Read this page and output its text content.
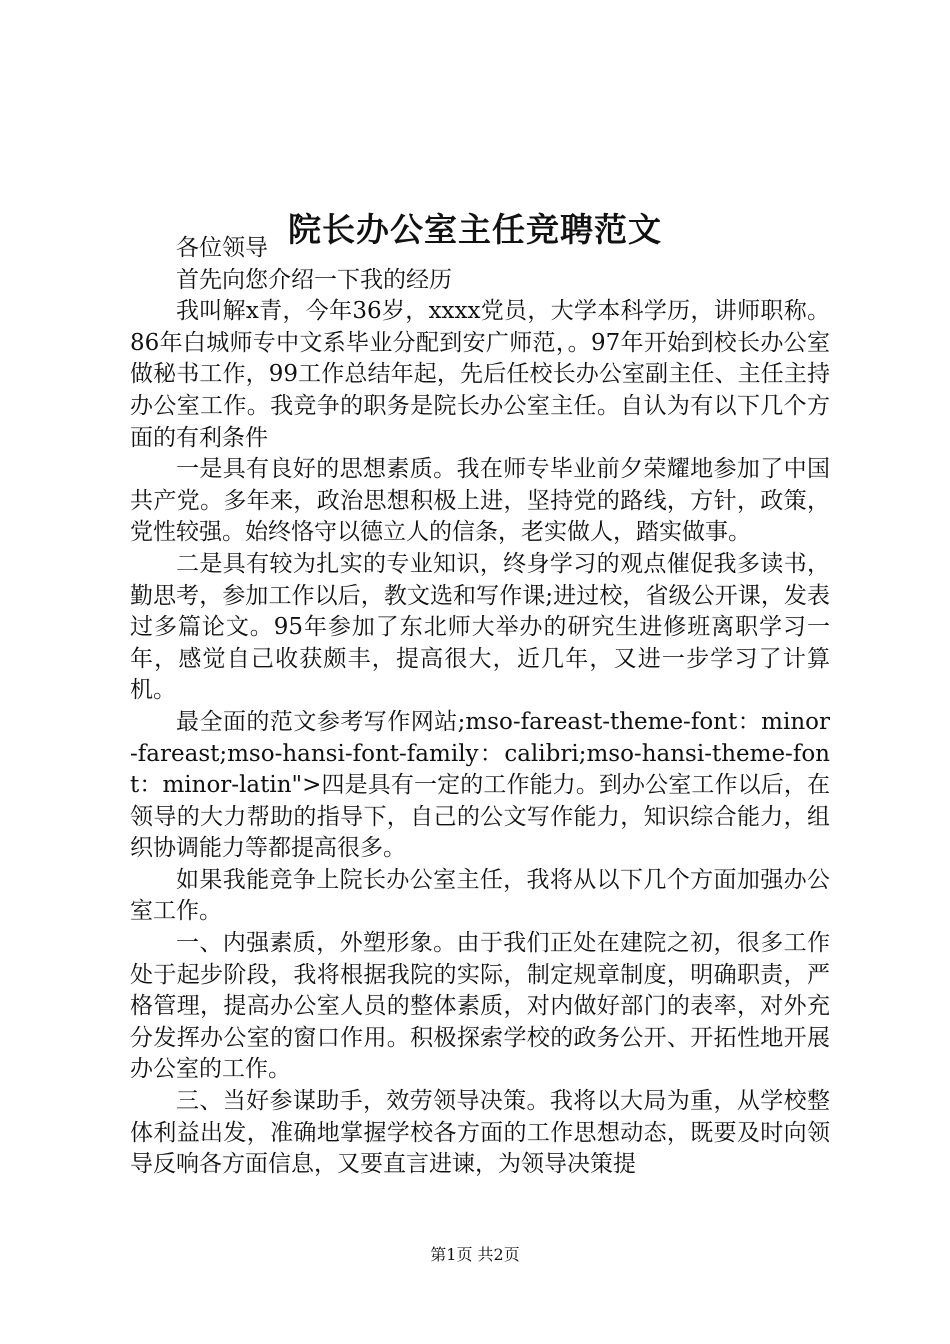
院长办公室主任竞聘范文

各位领导

首先向您介绍一下我的经历

我叫解x青，今年36岁，xxxx党员，大学本科学历，讲师职称。86年白城师专中文系毕业分配到安广师范，。97年开始到校长办公室做秘书工作，99工作总结年起，先后任校长办公室副主任、主任主持办公室工作。我竞争的职务是院长办公室主任。自认为有以下几个方面的有利条件

一是具有良好的思想素质。我在师专毕业前夕荣耀地参加了中国共产党。多年来，政治思想积极上进，坚持党的路线，方针，政策，党性较强。始终恪守以德立人的信条，老实做人，踏实做事。

二是具有较为扎实的专业知识，终身学习的观点催促我多读书，勤思考，参加工作以后，教文选和写作课;进过校，省级公开课，发表过多篇论文。95年参加了东北师大举办的研究生进修班离职学习一年，感觉自己收获颇丰，提高很大，近几年，又进一步学习了计算机。

最全面的范文参考写作网站;mso-fareast-theme-font：minor-fareast;mso-hansi-font-family：calibri;mso-hansi-theme-font：minor-latin">四是具有一定的工作能力。到办公室工作以后，在领导的大力帮助的指导下，自己的公文写作能力，知识综合能力，组织协调能力等都提高很多。

如果我能竞争上院长办公室主任，我将从以下几个方面加强办公室工作。

一、内强素质，外塑形象。由于我们正处在建院之初，很多工作处于起步阶段，我将根据我院的实际，制定规章制度，明确职责，严格管理，提高办公室人员的整体素质，对内做好部门的表率，对外充分发挥办公室的窗口作用。积极探索学校的政务公开、开拓性地开展办公室的工作。

三、当好参谋助手，效劳领导决策。我将以大局为重，从学校整体利益出发，准确地掌握学校各方面的工作思想动态，既要及时向领导反响各方面信息，又要直言进谏，为领导决策提

第1页 共2页
